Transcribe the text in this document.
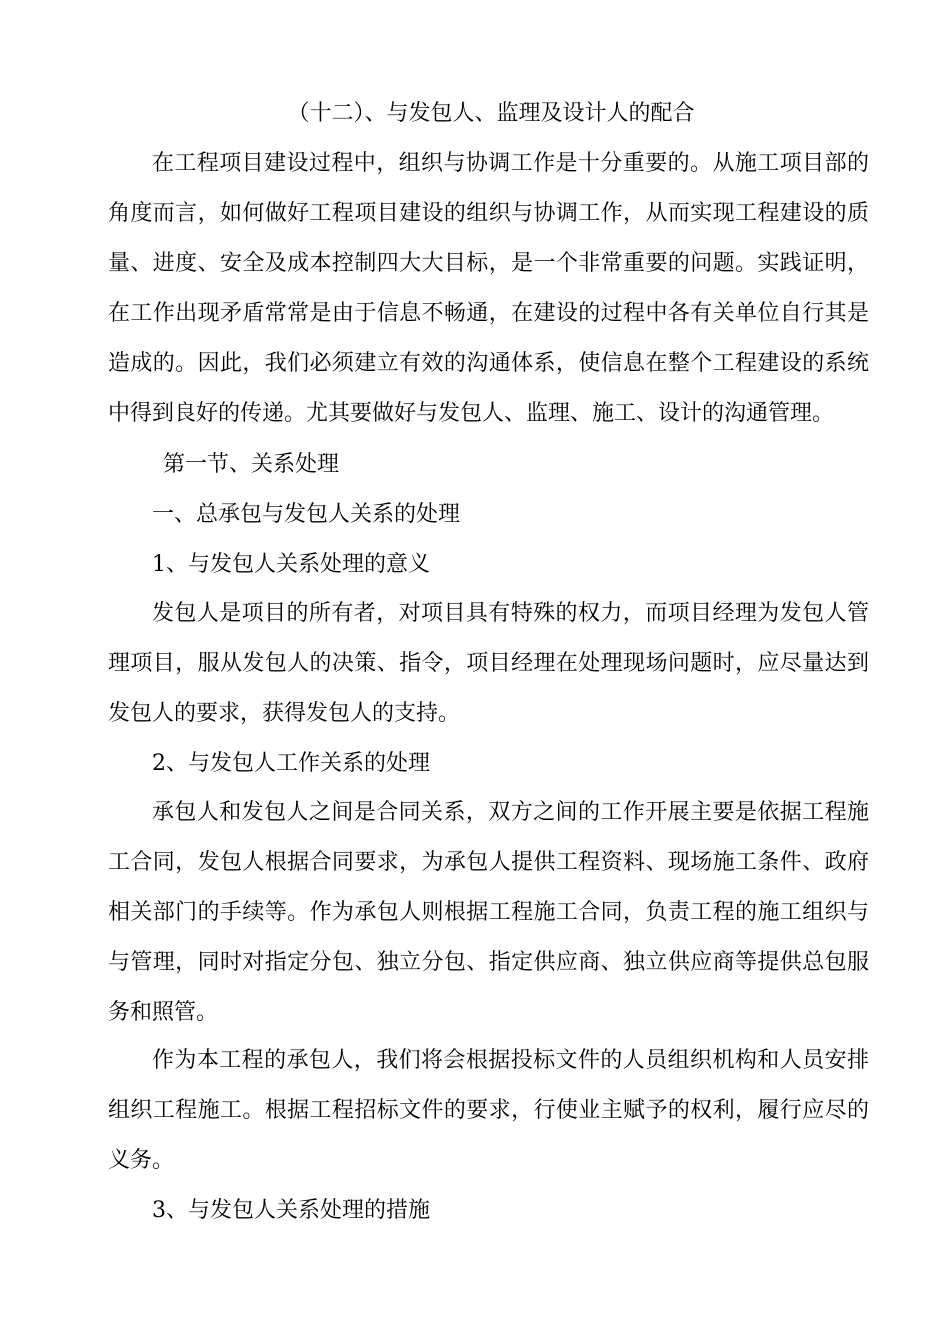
（十二）、与发包人、监理及设计人的配合

在工程项目建设过程中，组织与协调工作是十分重要的。从施工项目部的角度而言，如何做好工程项目建设的组织与协调工作，从而实现工程建设的质量、进度、安全及成本控制四大大目标，是一个非常重要的问题。实践证明，在工作出现矛盾常常是由于信息不畅通，在建设的过程中各有关单位自行其是造成的。因此，我们必须建立有效的沟通体系，使信息在整个工程建设的系统中得到良好的传递。尤其要做好与发包人、监理、施工、设计的沟通管理。

第一节、关系处理
一、总承包与发包人关系的处理
1、与发包人关系处理的意义

发包人是项目的所有者，对项目具有特殊的权力，而项目经理为发包人管理项目，服从发包人的决策、指令，项目经理在处理现场问题时，应尽量达到发包人的要求，获得发包人的支持。

2、与发包人工作关系的处理

承包人和发包人之间是合同关系，双方之间的工作开展主要是依据工程施工合同，发包人根据合同要求，为承包人提供工程资料、现场施工条件、政府相关部门的手续等。作为承包人则根据工程施工合同，负责工程的施工组织与与管理，同时对指定分包、独立分包、指定供应商、独立供应商等提供总包服务和照管。

作为本工程的承包人，我们将会根据投标文件的人员组织机构和人员安排组织工程施工。根据工程招标文件的要求，行使业主赋予的权利，履行应尽的义务。

3、与发包人关系处理的措施
